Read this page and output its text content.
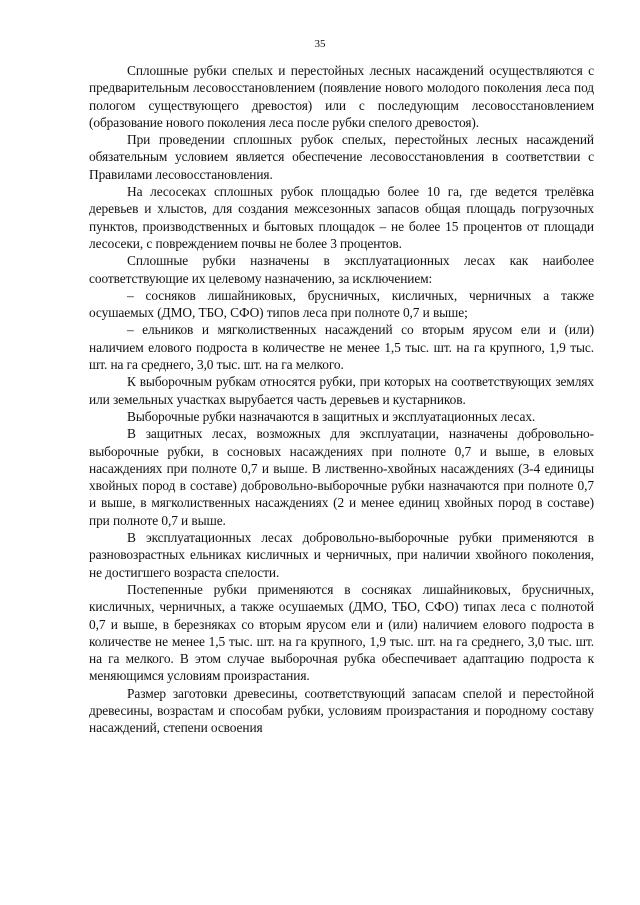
35

Сплошные рубки спелых и перестойных лесных насаждений осуществляются с предварительным лесовосстановлением (появление нового молодого поколения леса под пологом существующего древостоя) или с последующим лесовосстановлением (образование нового поколения леса после рубки спелого древостоя).

При проведении сплошных рубок спелых, перестойных лесных насаждений обязательным условием является обеспечение лесовосстановления в соответствии с Правилами лесовосстановления.

На лесосеках сплошных рубок площадью более 10 га, где ведется трелёвка деревьев и хлыстов, для создания межсезонных запасов общая площадь погрузочных пунктов, производственных и бытовых площадок – не более 15 процентов от площади лесосеки, с повреждением почвы не более 3 процентов.

Сплошные рубки назначены в эксплуатационных лесах как наиболее соответствующие их целевому назначению, за исключением:

– сосняков лишайниковых, брусничных, кисличных, черничных а также осушаемых (ДМО, ТБО, СФО) типов леса при полноте 0,7 и выше;

– ельников и мягколиственных насаждений со вторым ярусом ели и (или) наличием елового подроста в количестве не менее 1,5 тыс. шт. на га крупного, 1,9 тыс. шт. на га среднего, 3,0 тыс. шт. на га мелкого.

К выборочным рубкам относятся рубки, при которых на соответствующих землях или земельных участках вырубается часть деревьев и кустарников.

Выборочные рубки назначаются в защитных и эксплуатационных лесах.

В защитных лесах, возможных для эксплуатации, назначены добровольно-выборочные рубки, в сосновых насаждениях при полноте 0,7 и выше, в еловых насаждениях при полноте 0,7 и выше. В лиственно-хвойных насаждениях (3-4 единицы хвойных пород в составе) добровольно-выборочные рубки назначаются при полноте 0,7 и выше, в мягколиственных насаждениях (2 и менее единиц хвойных пород в составе) при полноте 0,7 и выше.

В эксплуатационных лесах добровольно-выборочные рубки применяются в разновозрастных ельниках кисличных и черничных, при наличии хвойного поколения, не достигшего возраста спелости.

Постепенные рубки применяются в сосняках лишайниковых, брусничных, кисличных, черничных, а также осушаемых (ДМО, ТБО, СФО) типах леса с полнотой 0,7 и выше, в березняках со вторым ярусом ели и (или) наличием елового подроста в количестве не менее 1,5 тыс. шт. на га крупного, 1,9 тыс. шт. на га среднего, 3,0 тыс. шт. на га мелкого. В этом случае выборочная рубка обеспечивает адаптацию подроста к меняющимся условиям произрастания.

Размер заготовки древесины, соответствующий запасам спелой и перестойной древесины, возрастам и способам рубки, условиям произрастания и породному составу насаждений, степени освоения
